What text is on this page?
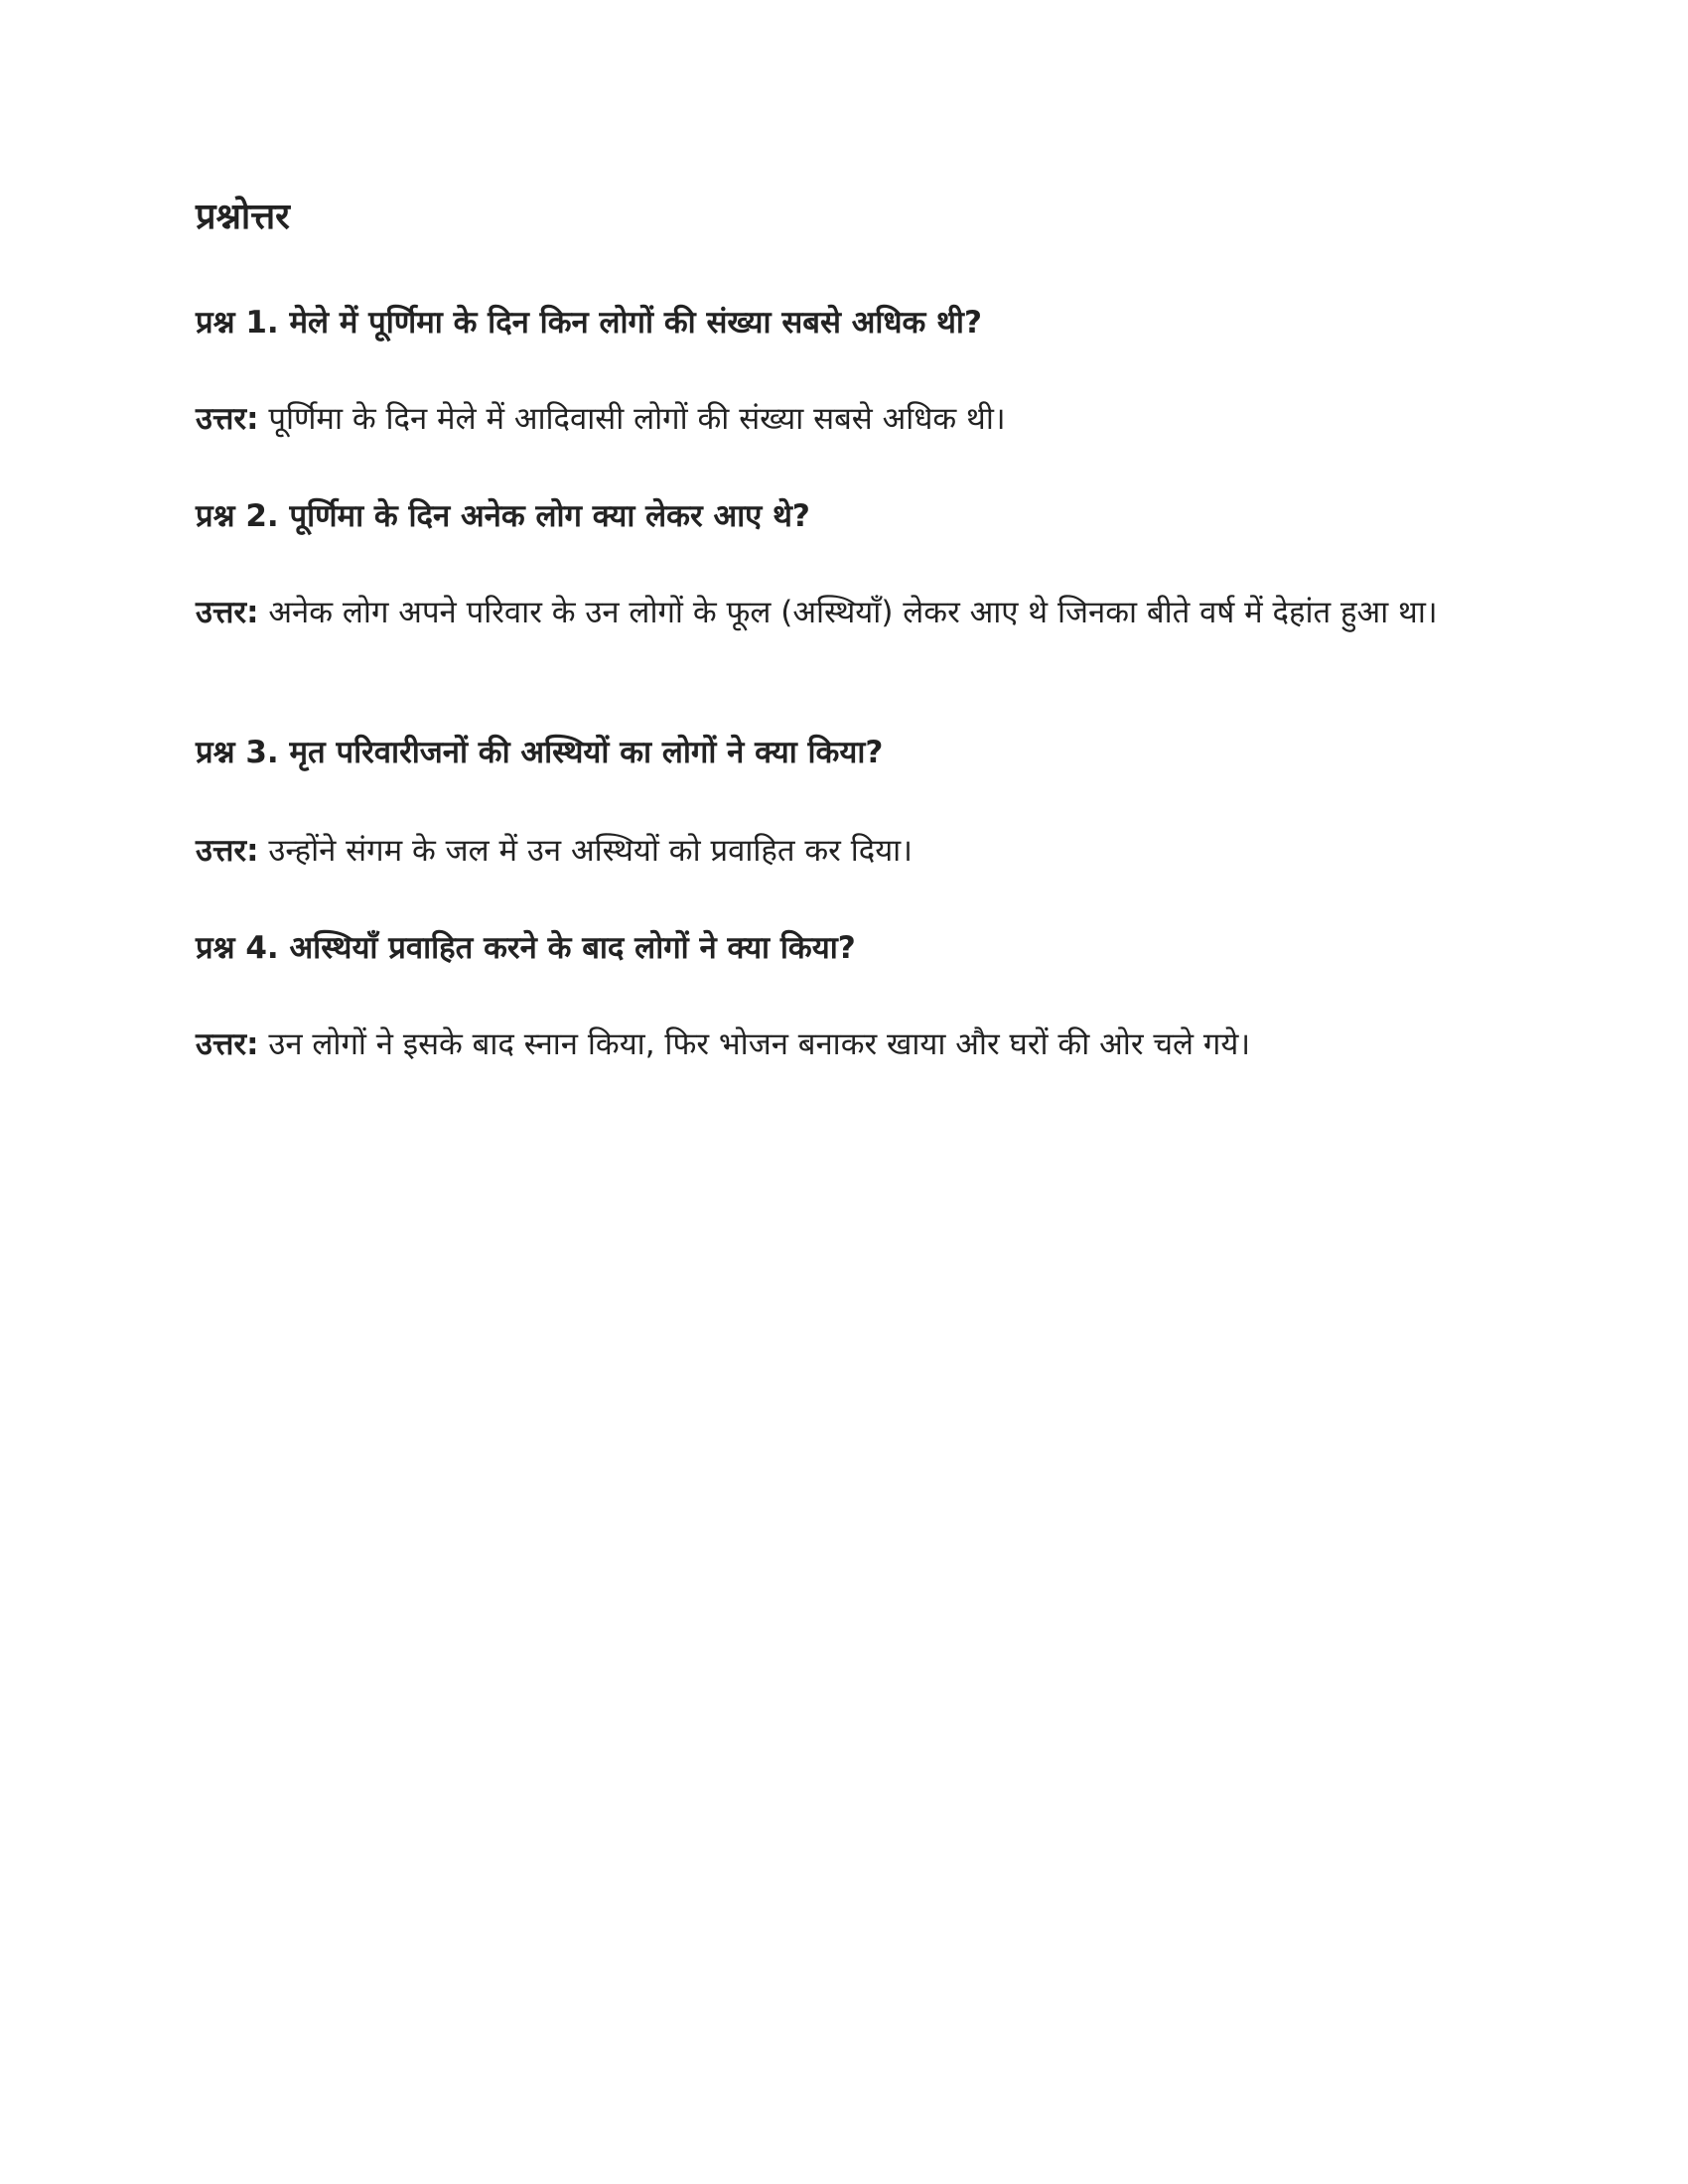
प्रश्नोत्तर
प्रश्न 1. मेले में पूर्णिमा के दिन किन लोगों की संख्या सबसे अधिक थी?
उत्तर: पूर्णिमा के दिन मेले में आदिवासी लोगों की संख्या सबसे अधिक थी।
प्रश्न 2. पूर्णिमा के दिन अनेक लोग क्या लेकर आए थे?
उत्तर: अनेक लोग अपने परिवार के उन लोगों के फूल (अस्थियाँ) लेकर आए थे जिनका बीते वर्ष में देहांत हुआ था।
प्रश्न 3. मृत परिवारीजनों की अस्थियों का लोगों ने क्या किया?
उत्तर: उन्होंने संगम के जल में उन अस्थियों को प्रवाहित कर दिया।
प्रश्न 4. अस्थियाँ प्रवाहित करने के बाद लोगों ने क्या किया?
उत्तर: उन लोगों ने इसके बाद स्नान किया, फिर भोजन बनाकर खाया और घरों की ओर चले गये।
